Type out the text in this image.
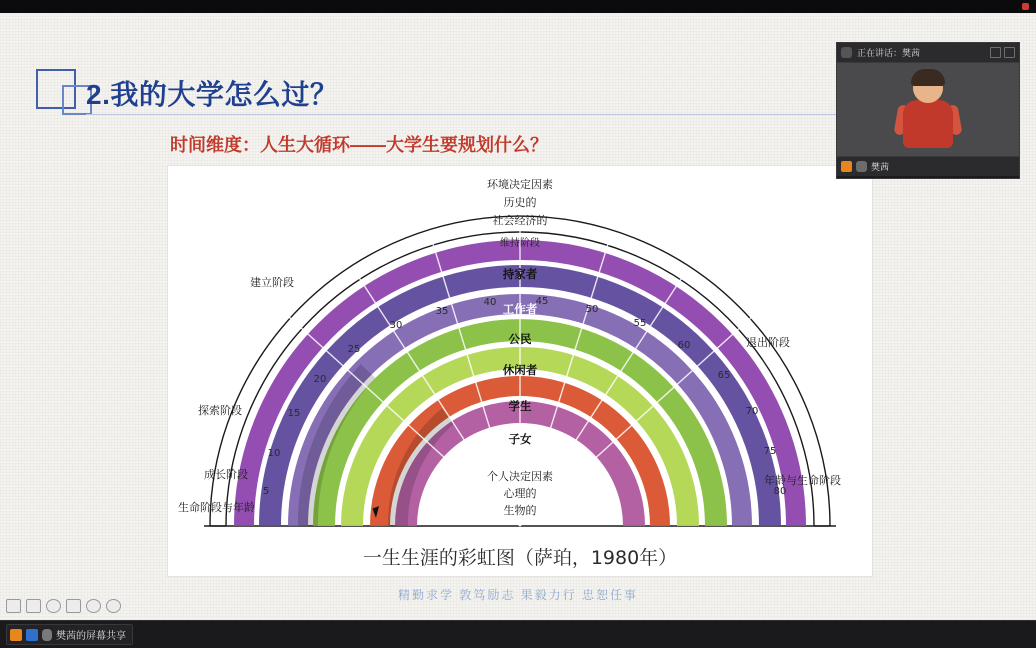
2.我的大学怎么过？
时间维度：人生大循环——大学生要规划什么？
5
10
15
20
25
30
35
40	45
50
55
60
65
70
75
80
环境决定因素
历史的
社会经济的
维持阶段
建立阶段
探索阶段
成长阶段
生命阶段与年龄
退出阶段
年龄与生命阶段
持家者
工作者
公民
休闲者
学生
子女
个人决定因素
心理的
生物的
一生生涯的彩虹图（萨珀，1980年）
精勤求学 敦笃励志 果毅力行 忠恕任事
正在讲话：樊茜
樊茜
樊茜的屏幕共享
